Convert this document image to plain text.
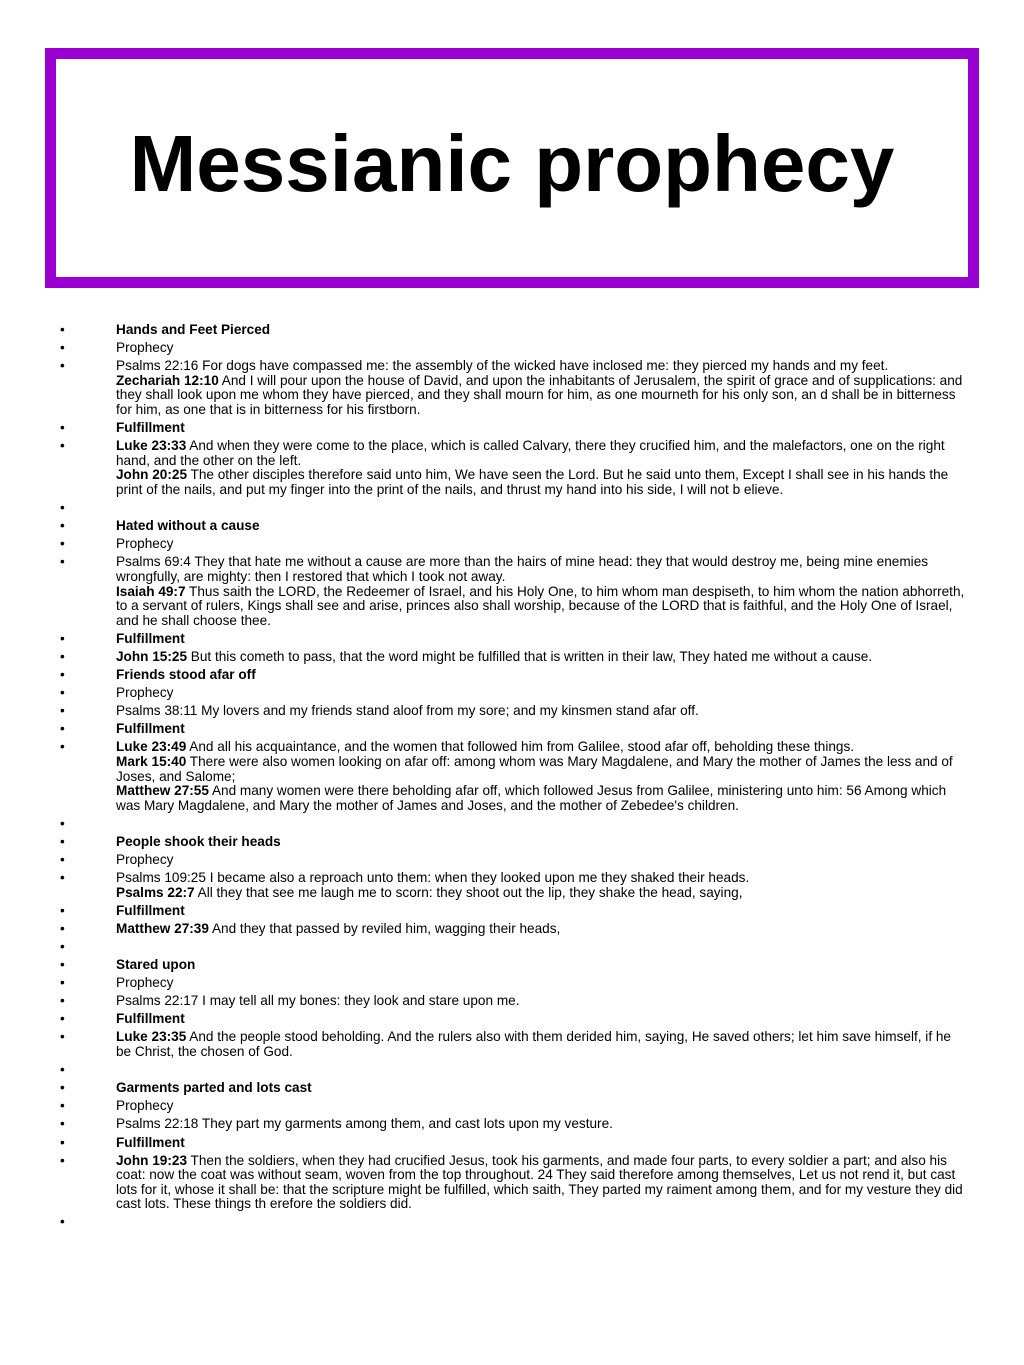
Messianic prophecy
•	Hands and Feet Pierced
•	Prophecy
•	Psalms 22:16 For dogs have compassed me: the assembly of the wicked have inclosed me: they pierced my hands and my feet.
Zechariah 12:10 And I will pour upon the house of David, and upon the inhabitants of Jerusalem, the spirit of grace and of supplications: and they shall look upon me whom they have pierced, and they shall mourn for him, as one mourneth for his only son, an d shall be in bitterness for him, as one that is in bitterness for his firstborn.
•	Fulfillment
•	Luke 23:33 And when they were come to the place, which is called Calvary, there they crucified him, and the malefactors, one on the right hand, and the other on the left.
John 20:25 The other disciples therefore said unto him, We have seen the Lord. But he said unto them, Except I shall see in his hands the print of the nails, and put my finger into the print of the nails, and thrust my hand into his side, I will not b elieve.
•
•	Hated without a cause
•	Prophecy
•	Psalms 69:4 They that hate me without a cause are more than the hairs of mine head: they that would destroy me, being mine enemies wrongfully, are mighty: then I restored that which I took not away.
Isaiah 49:7 Thus saith the LORD, the Redeemer of Israel, and his Holy One, to him whom man despiseth, to him whom the nation abhorreth, to a servant of rulers, Kings shall see and arise, princes also shall worship, because of the LORD that is faithful, and the Holy One of Israel, and he shall choose thee.
•	Fulfillment
•	John 15:25 But this cometh to pass, that the word might be fulfilled that is written in their law, They hated me without a cause.
•	Friends stood afar off
•	Prophecy
•	Psalms 38:11 My lovers and my friends stand aloof from my sore; and my kinsmen stand afar off.
•	Fulfillment
•	Luke 23:49 And all his acquaintance, and the women that followed him from Galilee, stood afar off, beholding these things.
Mark 15:40 There were also women looking on afar off: among whom was Mary Magdalene, and Mary the mother of James the less and of Joses, and Salome;
Matthew 27:55 And many women were there beholding afar off, which followed Jesus from Galilee, ministering unto him: 56 Among which was Mary Magdalene, and Mary the mother of James and Joses, and the mother of Zebedee's children.
•
•	People shook their heads
•	Prophecy
•	Psalms 109:25 I became also a reproach unto them: when they looked upon me they shaked their heads.
Psalms 22:7 All they that see me laugh me to scorn: they shoot out the lip, they shake the head, saying,
•	Fulfillment
•	Matthew 27:39 And they that passed by reviled him, wagging their heads,
•
•	Stared upon
•	Prophecy
•	Psalms 22:17 I may tell all my bones: they look and stare upon me.
•	Fulfillment
•	Luke 23:35 And the people stood beholding. And the rulers also with them derided him, saying, He saved others; let him save himself, if he be Christ, the chosen of God.
•
•	Garments parted and lots cast
•	Prophecy
•	Psalms 22:18 They part my garments among them, and cast lots upon my vesture.
•	Fulfillment
•	John 19:23 Then the soldiers, when they had crucified Jesus, took his garments, and made four parts, to every soldier a part; and also his coat: now the coat was without seam, woven from the top throughout. 24 They said therefore among themselves, Let us not rend it, but cast lots for it, whose it shall be: that the scripture might be fulfilled, which saith, They parted my raiment among them, and for my vesture they did cast lots. These things th erefore the soldiers did.
•
